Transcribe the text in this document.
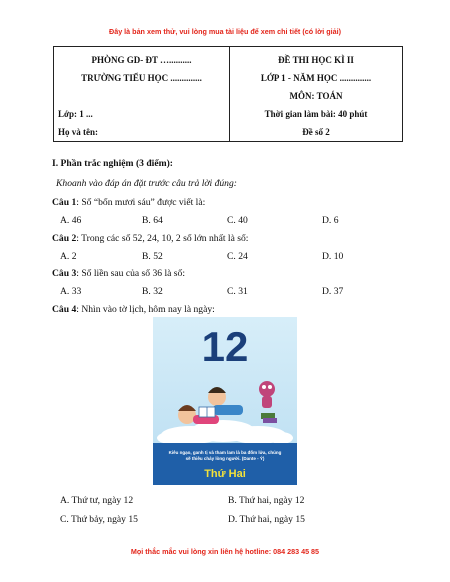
Đây là bản xem thử, vui lòng mua tài liệu để xem chi tiết (có lời giải)
PHÒNG GD- ĐT …..........
TRƯỜNG TIỂU HỌC ..............
Lớp: 1 ...
Họ và tên:

ĐỀ THI HỌC KÌ II
LỚP 1 - NĂM HỌC ..............
MÔN: TOÁN
Thời gian làm bài: 40 phút
Đề số 2
I. Phần trắc nghiệm (3 điểm):
Khoanh vào đáp án đặt trước câu trả lời đúng:
Câu 1: Số “bốn mươi sáu” được viết là:
A. 46	B. 64	C. 40	D. 6
Câu 2: Trong các số 52, 24, 10, 2 số lớn nhất là số:
A. 2	B. 52	C. 24	D. 10
Câu 3: Số liền sau của số 36 là số:
A. 33	B. 32	C. 31	D. 37
Câu 4: Nhìn vào tờ lịch, hôm nay là ngày:
A. Thứ tư, ngày 12	B. Thứ hai, ngày 12
C. Thứ bảy, ngày 15	D. Thứ hai, ngày 15
12
Kiêu ngạo, ganh tị và tham lam là ba đốm lửa, chúng
sẽ thiêu cháy lòng người. (Dante - Ý)
Thứ Hai
Mọi thắc mắc vui lòng xin liên hệ hotline: 084 283 45 85
